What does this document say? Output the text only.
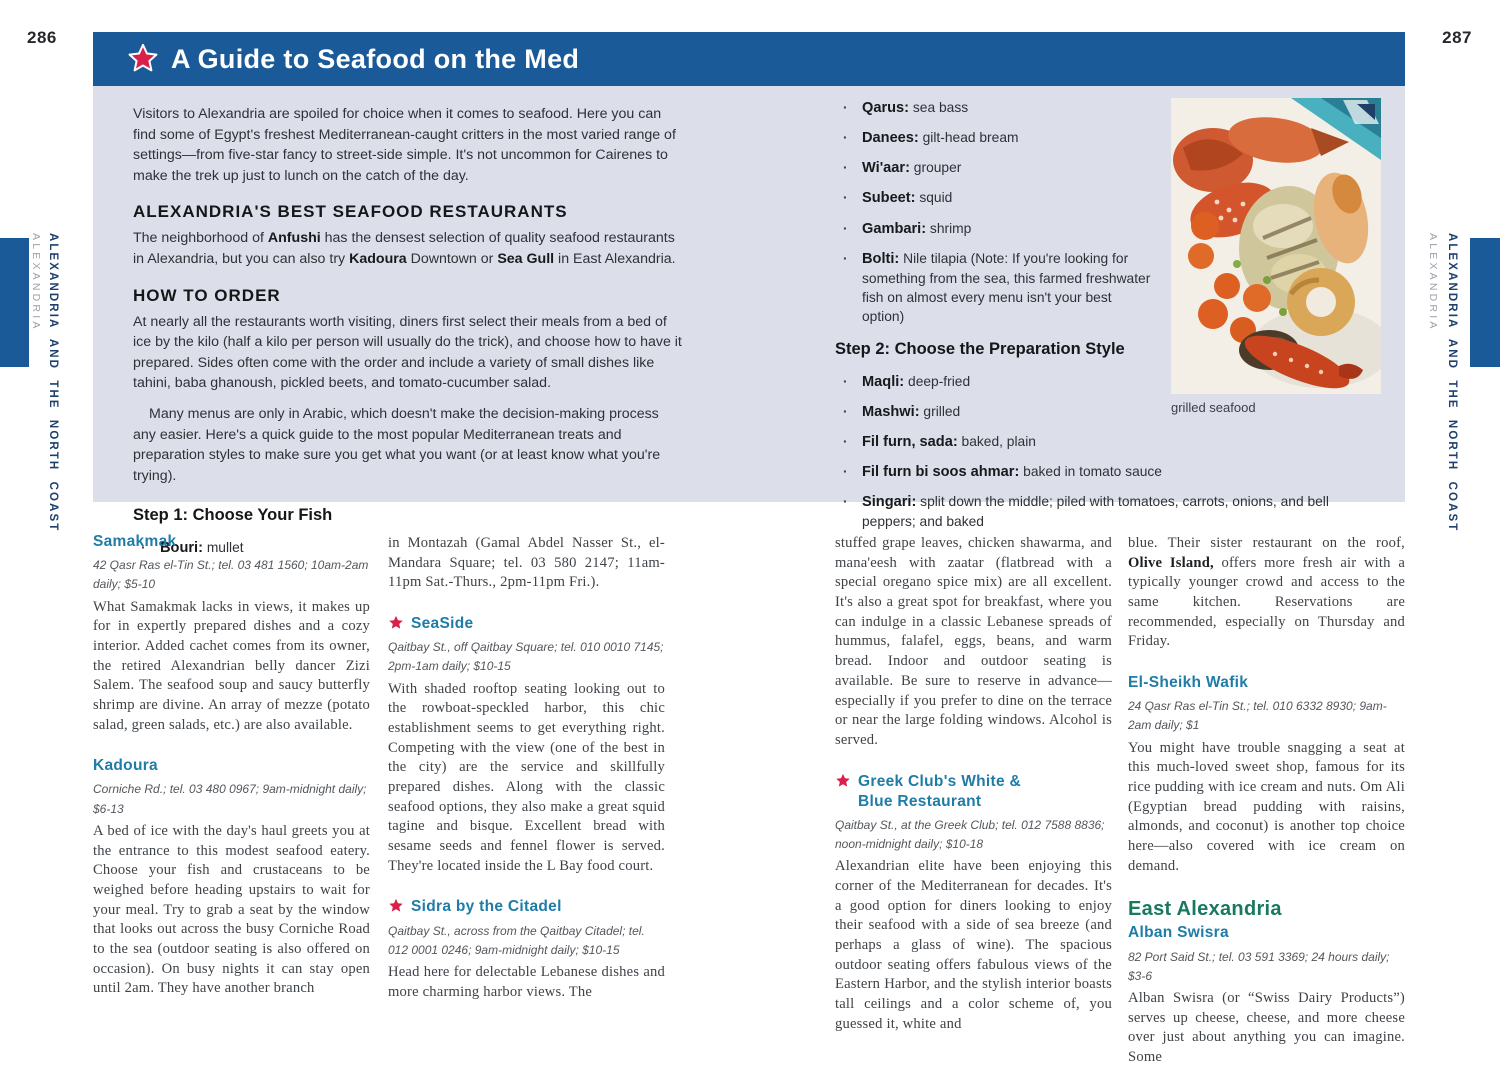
286	287
ALEXANDRIA ALEXANDRIA AND THE NORTH COAST	ALEXANDRIA ALEXANDRIA AND THE NORTH COAST
A Guide to Seafood on the Med

Visitors to Alexandria are spoiled for choice when it comes to seafood. Here you can find some of Egypt's freshest Mediterranean-caught critters in the most varied range of settings—from five-star fancy to street-side simple. It's not uncommon for Cairenes to make the trek up just to lunch on the catch of the day.

ALEXANDRIA'S BEST SEAFOOD RESTAURANTS

The neighborhood of Anfushi has the densest selection of quality seafood restaurants in Alexandria, but you can also try Kadoura Downtown or Sea Gull in East Alexandria.

HOW TO ORDER

At nearly all the restaurants worth visiting, diners first select their meals from a bed of ice by the kilo (half a kilo per person will usually do the trick), and choose how to have it prepared. Sides often come with the order and include a variety of small dishes like tahini, baba ghanoush, pickled beets, and tomato-cucumber salad.

Many menus are only in Arabic, which doesn't make the decision-making process any easier. Here's a quick guide to the most popular Mediterranean treats and preparation styles to make sure you get what you want (or at least know what you're trying).

Step 1: Choose Your Fish
· Bouri: mullet
grilled seafood
· Qarus: sea bass
· Danees: gilt-head bream
· Wi'aar: grouper
· Subeet: squid
· Gambari: shrimp
· Bolti: Nile tilapia (Note: If you're looking for something from the sea, this farmed freshwater fish on almost every menu isn't your best option)
Step 2: Choose the Preparation Style
· Maqli: deep-fried
· Mashwi: grilled
· Fil furn, sada: baked, plain
· Fil furn bi soos ahmar: baked in tomato sauce
· Singari: split down the middle; piled with tomatoes, carrots, onions, and bell peppers; and baked
Samakmak
42 Qasr Ras el-Tin St.; tel. 03 481 1560; 10am-2am daily; $5-10
What Samakmak lacks in views, it makes up for in expertly prepared dishes and a cozy interior. Added cachet comes from its owner, the retired Alexandrian belly dancer Zizi Salem. The seafood soup and saucy butterfly shrimp are divine. An array of mezze (potato salad, green salads, etc.) are also available.
Kadoura
Corniche Rd.; tel. 03 480 0967; 9am-midnight daily; $6-13
A bed of ice with the day's haul greets you at the entrance to this modest seafood eatery. Choose your fish and crustaceans to be weighed before heading upstairs to wait for your meal. Try to grab a seat by the window that looks out across the busy Corniche Road to the sea (outdoor seating is also offered on occasion). On busy nights it can stay open until 2am. They have another branch
in Montazah (Gamal Abdel Nasser St., el-Mandara Square; tel. 03 580 2147; 11am-11pm Sat.-Thurs., 2pm-11pm Fri.).
SeaSide
Qaitbay St., off Qaitbay Square; tel. 010 0010 7145; 2pm-1am daily; $10-15
With shaded rooftop seating looking out to the rowboat-speckled harbor, this chic establishment seems to get everything right. Competing with the view (one of the best in the city) are the service and skillfully prepared dishes. Along with the classic seafood options, they also make a great squid tagine and bisque. Excellent bread with sesame seeds and fennel flower is served. They're located inside the L Bay food court.
Sidra by the Citadel
Qaitbay St., across from the Qaitbay Citadel; tel. 012 0001 0246; 9am-midnight daily; $10-15
Head here for delectable Lebanese dishes and more charming harbor views. The
stuffed grape leaves, chicken shawarma, and mana'eesh with zaatar (flatbread with a special oregano spice mix) are all excellent. It's also a great spot for breakfast, where you can indulge in a classic Lebanese spreads of hummus, falafel, eggs, beans, and warm bread. Indoor and outdoor seating is available. Be sure to reserve in advance—especially if you prefer to dine on the terrace or near the large folding windows. Alcohol is served.
Greek Club's White &
Blue Restaurant
Qaitbay St., at the Greek Club; tel. 012 7588 8836; noon-midnight daily; $10-18
Alexandrian elite have been enjoying this corner of the Mediterranean for decades. It's a good option for diners looking to enjoy their seafood with a side of sea breeze (and perhaps a glass of wine). The spacious outdoor seating offers fabulous views of the Eastern Harbor, and the stylish interior boasts tall ceilings and a color scheme of, you guessed it, white and
blue. Their sister restaurant on the roof, Olive Island, offers more fresh air with a typically younger crowd and access to the same kitchen. Reservations are recommended, especially on Thursday and Friday.
El-Sheikh Wafik
24 Qasr Ras el-Tin St.; tel. 010 6332 8930; 9am-2am daily; $1
You might have trouble snagging a seat at this much-loved sweet shop, famous for its rice pudding with ice cream and nuts. Om Ali (Egyptian bread pudding with raisins, almonds, and coconut) is another top choice here—also covered with ice cream on demand.
East Alexandria
Alban Swisra
82 Port Said St.; tel. 03 591 3369; 24 hours daily; $3-6
Alban Swisra (or “Swiss Dairy Products”) serves up cheese, cheese, and more cheese over just about anything you can imagine. Some
